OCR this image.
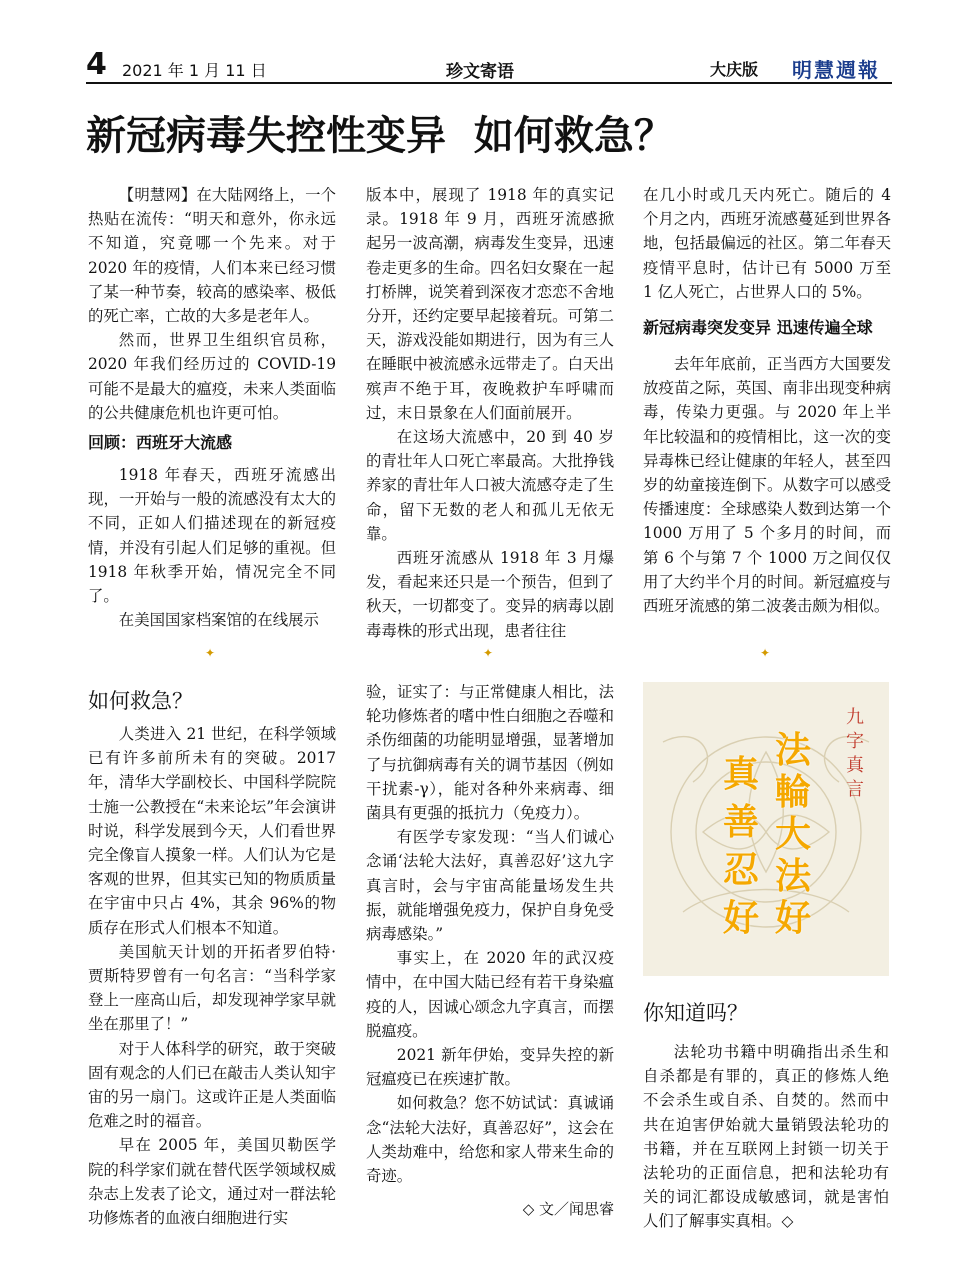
4 2021 年 1 月 11 日	珍文寄语	大庆版 明慧週報
新冠病毒失控性变异  如何救急？

【明慧网】在大陆网络上，一个热贴在流传：“明天和意外，你永远不知道，究竟哪一个先来。对于 2020 年的疫情，人们本来已经习惯了某一种节奏，较高的感染率、极低的死亡率，亡故的大多是老年人。

然而，世界卫生组织官员称，2020 年我们经历过的 COVID-19 可能不是最大的瘟疫，未来人类面临的公共健康危机也许更可怕。

回顾：西班牙大流感

1918 年春天，西班牙流感出现，一开始与一般的流感没有太大的不同，正如人们描述现在的新冠疫情，并没有引起人们足够的重视。但 1918 年秋季开始，情况完全不同了。

在美国国家档案馆的在线展示

版本中，展现了 1918 年的真实记录。1918 年 9 月，西班牙流感掀起另一波高潮，病毒发生变异，迅速卷走更多的生命。四名妇女聚在一起打桥牌，说笑着到深夜才恋恋不舍地分开，还约定要早起接着玩。可第二天，游戏没能如期进行，因为有三人在睡眠中被流感永远带走了。白天出殡声不绝于耳，夜晚救护车呼啸而过，末日景象在人们面前展开。

在这场大流感中，20 到 40 岁的青壮年人口死亡率最高。大批挣钱养家的青壮年人口被大流感夺走了生命，留下无数的老人和孤儿无依无靠。

西班牙流感从 1918 年 3 月爆发，看起来还只是一个预告，但到了秋天，一切都变了。变异的病毒以剧毒毒株的形式出现，患者往往

在几小时或几天内死亡。随后的 4 个月之内，西班牙流感蔓延到世界各地，包括最偏远的社区。第二年春天疫情平息时，估计已有 5000 万至 1 亿人死亡，占世界人口的 5%。

新冠病毒突发变异 迅速传遍全球

去年年底前，正当西方大国要发放疫苗之际，英国、南非出现变种病毒，传染力更强。与 2020 年上半年比较温和的疫情相比，这一次的变异毒株已经让健康的年轻人，甚至四岁的幼童接连倒下。从数字可以感受传播速度：全球感染人数到达第一个 1000 万用了 5 个多月的时间，而第 6 个与第 7 个 1000 万之间仅仅用了大约半个月的时间。新冠瘟疫与西班牙流感的第二波袭击颇为相似。

✦	✦	✦
如何救急？

人类进入 21 世纪，在科学领域已有许多前所未有的突破。2017 年，清华大学副校长、中国科学院院士施一公教授在“未来论坛”年会演讲时说，科学发展到今天，人们看世界完全像盲人摸象一样。人们认为它是客观的世界，但其实已知的物质质量在宇宙中只占 4%，其余 96%的物质存在形式人们根本不知道。

美国航天计划的开拓者罗伯特·贾斯特罗曾有一句名言：“当科学家登上一座高山后，却发现神学家早就坐在那里了！”

对于人体科学的研究，敢于突破固有观念的人们已在敲击人类认知宇宙的另一扇门。这或许正是人类面临危难之时的福音。

早在 2005 年，美国贝勒医学院的科学家们就在替代医学领域权威杂志上发表了论文，通过对一群法轮功修炼者的血液白细胞进行实

验，证实了：与正常健康人相比，法轮功修炼者的嗜中性白细胞之吞噬和杀伤细菌的功能明显增强，显著增加了与抗御病毒有关的调节基因（例如干扰素-γ），能对各种外来病毒、细菌具有更强的抵抗力（免疫力）。

有医学专家发现：“当人们诚心念诵‘法轮大法好，真善忍好’这九字真言时，会与宇宙高能量场发生共振，就能增强免疫力，保护自身免受病毒感染。”

事实上，在 2020 年的武汉疫情中，在中国大陆已经有若干身染瘟疫的人，因诚心颂念九字真言，而摆脱瘟疫。

2021 新年伊始，变异失控的新冠瘟疫已在疾速扩散。

如何救急？您不妨试试：真诚诵念“法轮大法好，真善忍好”，这会在人类劫难中，给您和家人带来生命的奇迹。

◇ 文／闻思睿
九
字
真
言
法
輪
大
法
好
真
善
忍
好
你知道吗？

法轮功书籍中明确指出杀生和自杀都是有罪的，真正的修炼人绝不会杀生或自杀、自焚的。然而中共在迫害伊始就大量销毁法轮功的书籍，并在互联网上封锁一切关于法轮功的正面信息，把和法轮功有关的词汇都设成敏感词，就是害怕人们了解事实真相。◇
